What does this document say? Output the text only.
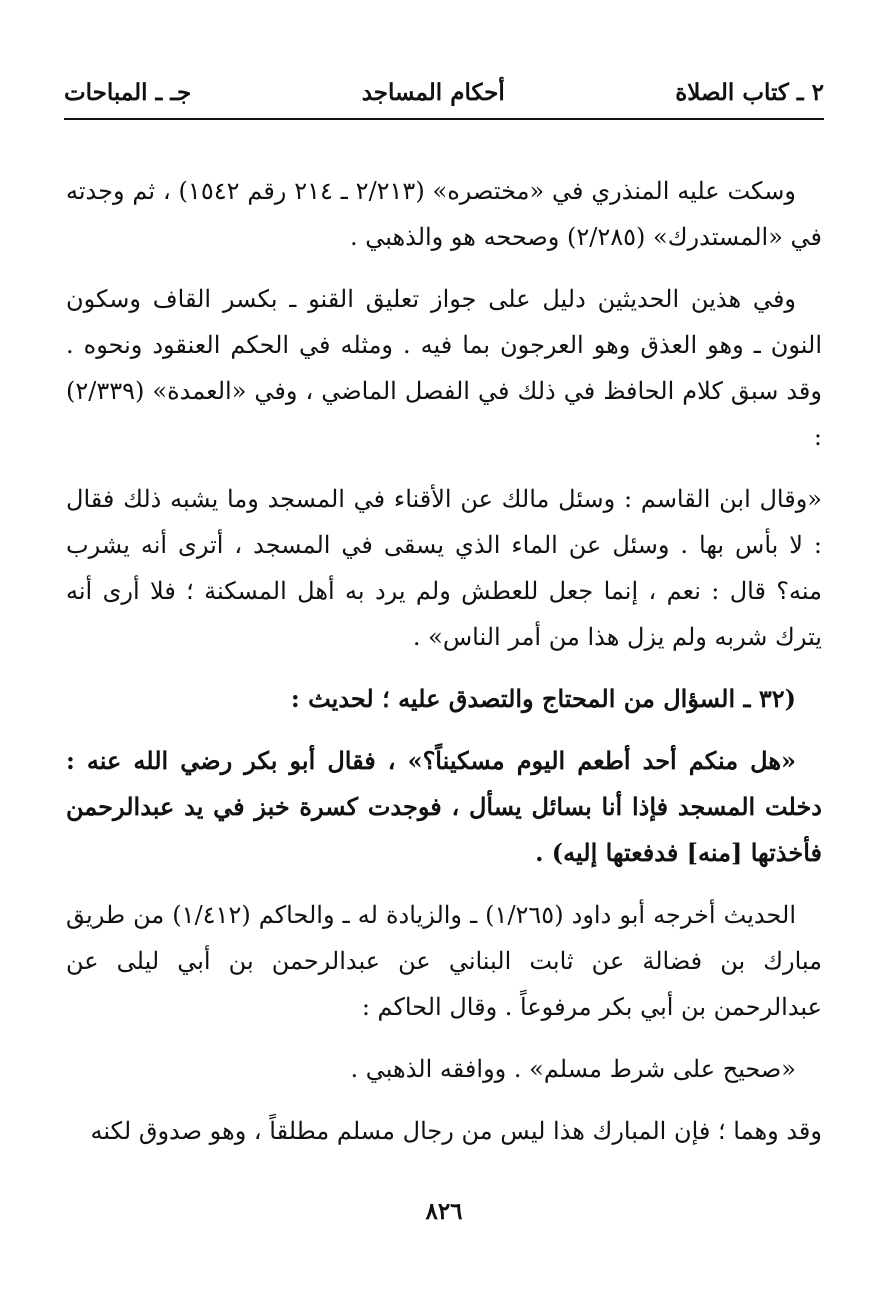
٢ ـ كتاب الصلاة
أحكام المساجد
جـ ـ المباحات

وسكت عليه المنذري في «مختصره» (٢/٢١٣ ـ ٢١٤ رقم ١٥٤٢) ، ثم وجدته في «المستدرك» (٢/٢٨٥) وصححه هو والذهبي .

وفي هذين الحديثين دليل على جواز تعليق القنو ـ بكسر القاف وسكون النون ـ وهو العذق وهو العرجون بما فيه . ومثله في الحكم العنقود ونحوه . وقد سبق كلام الحافظ في ذلك في الفصل الماضي ، وفي «العمدة» (٢/٣٣٩) :

«وقال ابن القاسم : وسئل مالك عن الأقناء في المسجد وما يشبه ذلك فقال : لا بأس بها . وسئل عن الماء الذي يسقى في المسجد ، أترى أنه يشرب منه؟ قال : نعم ، إنما جعل للعطش ولم يرد به أهل المسكنة ؛ فلا أرى أنه يترك شربه ولم يزل هذا من أمر الناس» .

(٣٢ ـ السؤال من المحتاج والتصدق عليه ؛ لحديث :

«هل منكم أحد أطعم اليوم مسكيناً؟» ، فقال أبو بكر رضي الله عنه : دخلت المسجد فإذا أنا بسائل يسأل ، فوجدت كسرة خبز في يد عبدالرحمن فأخذتها [منه] فدفعتها إليه) .

الحديث أخرجه أبو داود (١/٢٦٥) ـ والزيادة له ـ والحاكم (١/٤١٢) من طريق مبارك بن فضالة عن ثابت البناني عن عبدالرحمن بن أبي ليلى عن عبدالرحمن بن أبي بكر مرفوعاً . وقال الحاكم :

«صحيح على شرط مسلم» . ووافقه الذهبي .

وقد وهما ؛ فإن المبارك هذا ليس من رجال مسلم مطلقاً ، وهو صدوق لكنه

٨٢٦
